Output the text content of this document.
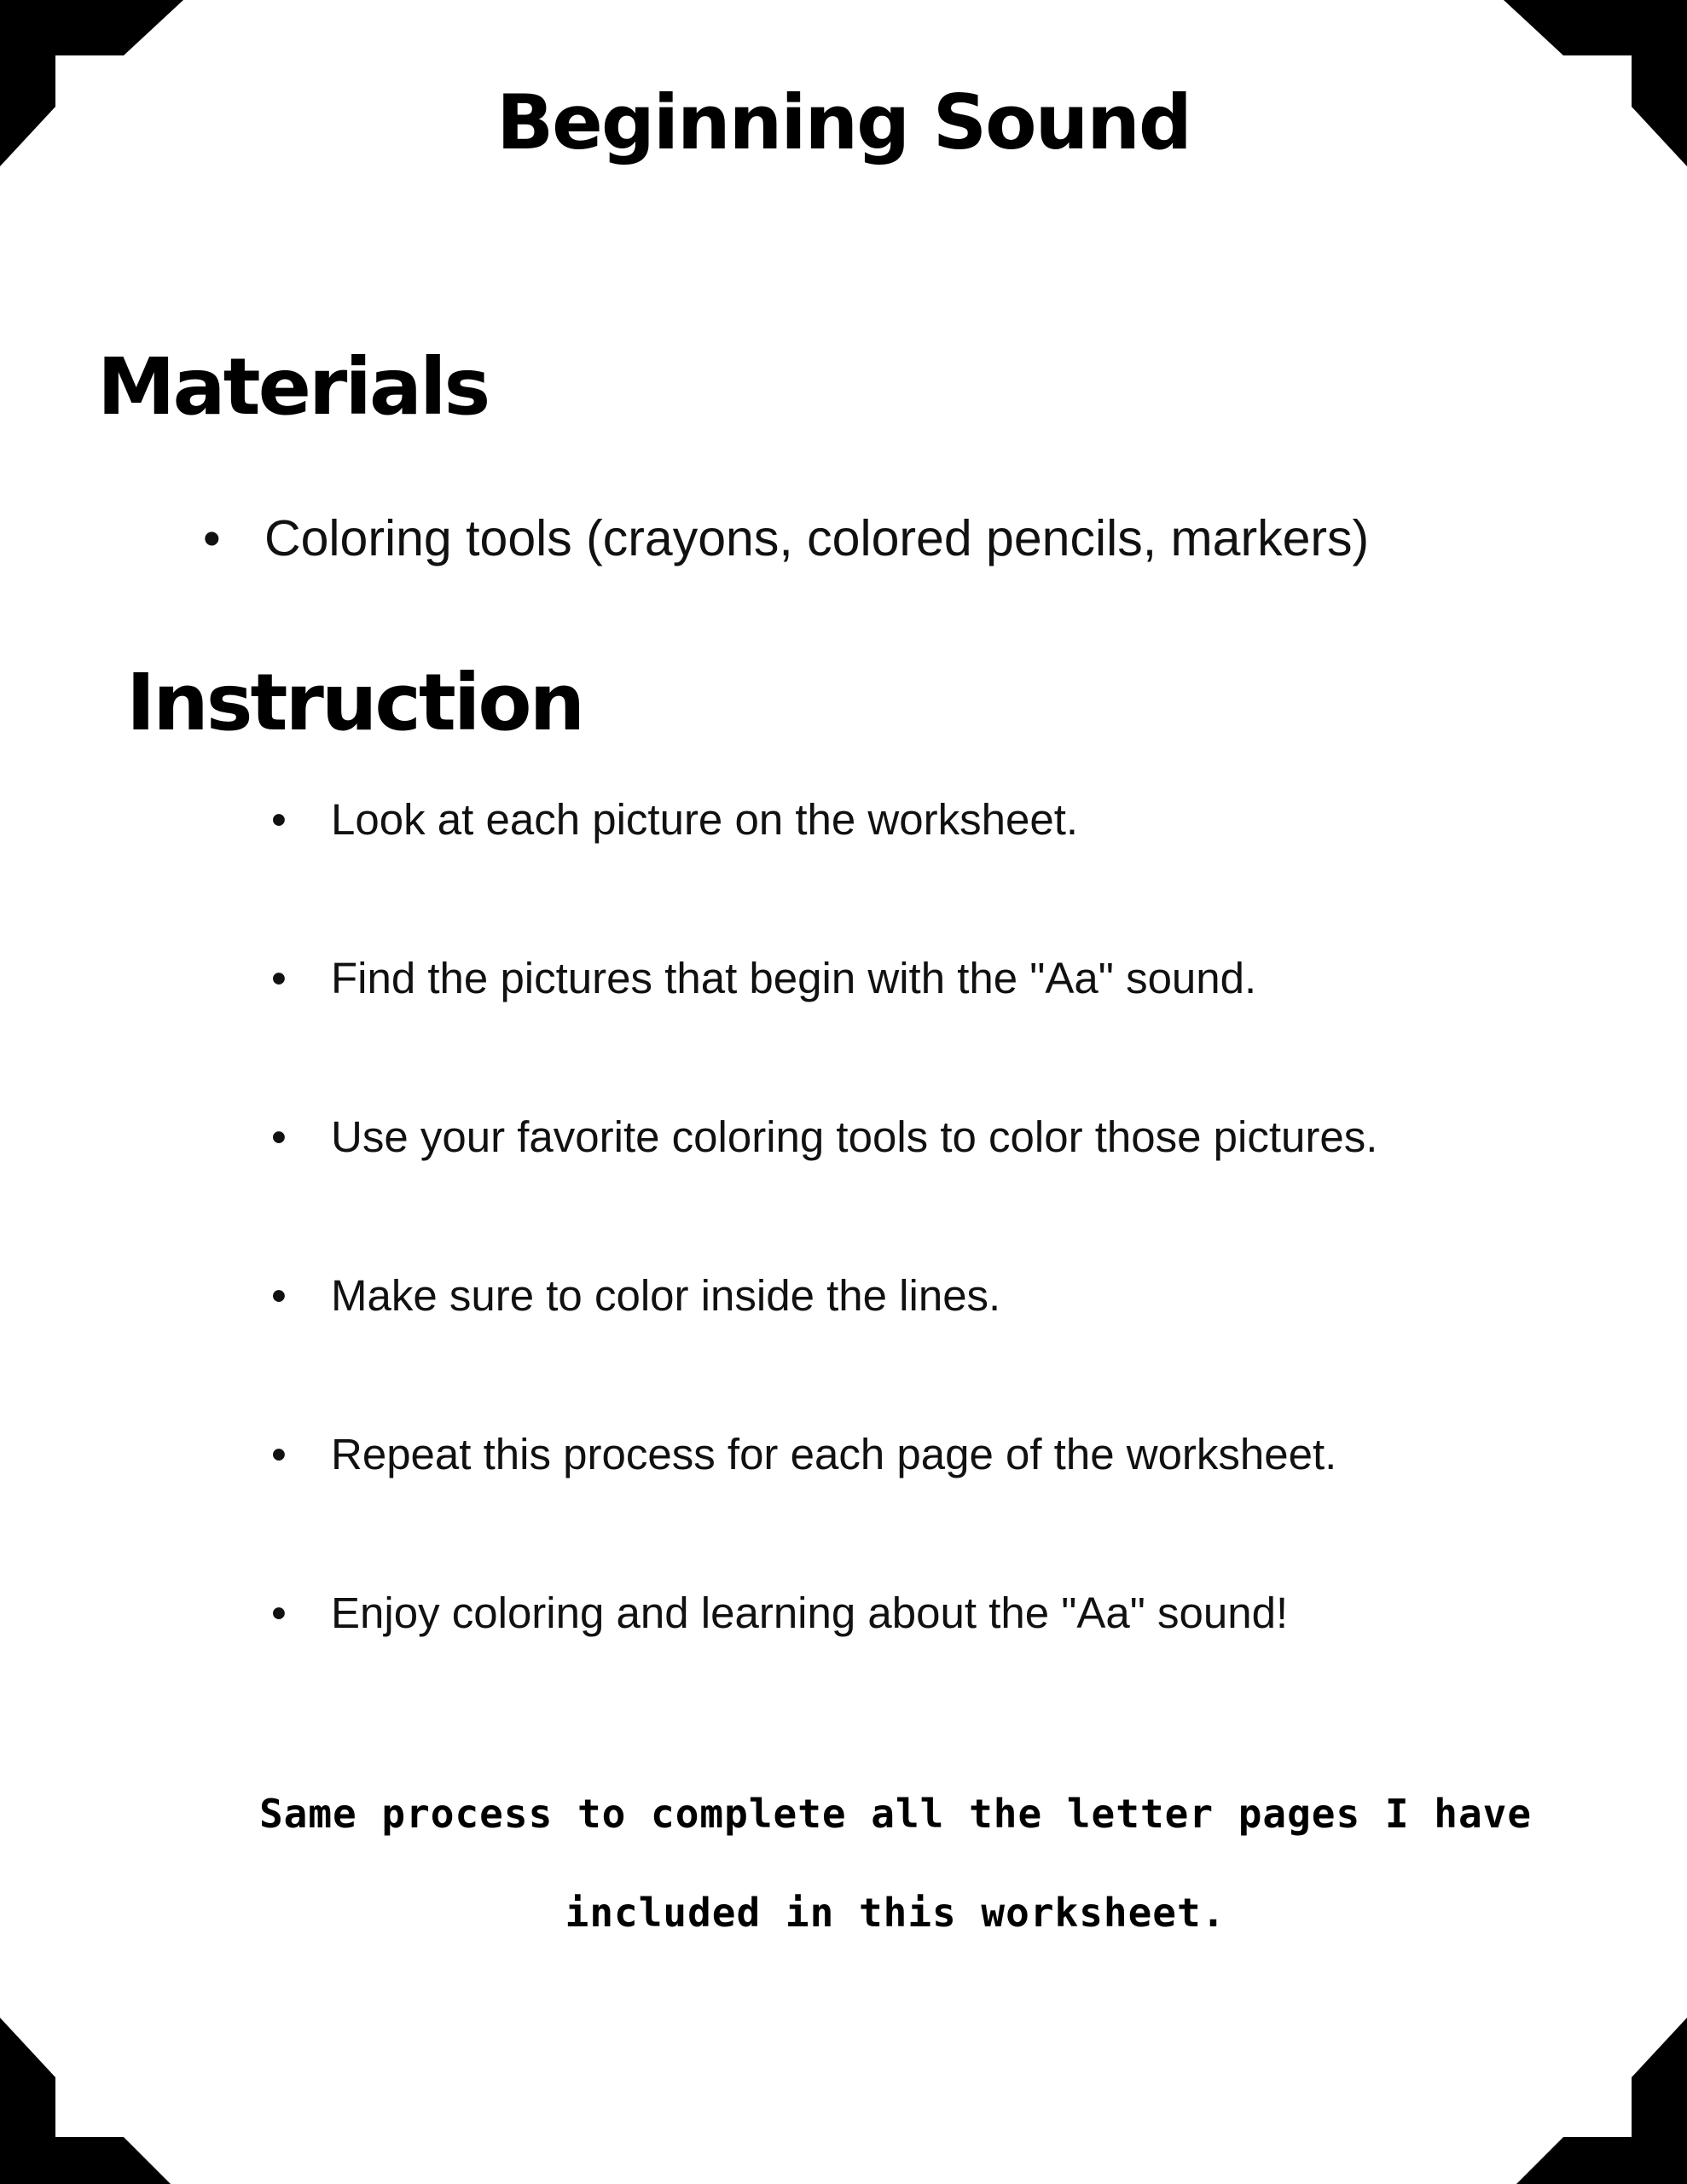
Beginning Sound
Materials
• Coloring tools (crayons, colored pencils, markers)
Instruction
• Look at each picture on the worksheet.
• Find the pictures that begin with the "Aa" sound.
• Use your favorite coloring tools to color those pictures.
• Make sure to color inside the lines.
• Repeat this process for each page of the worksheet.
• Enjoy coloring and learning about the "Aa" sound!
Same process to complete all the letter pages I have
included in this worksheet.
